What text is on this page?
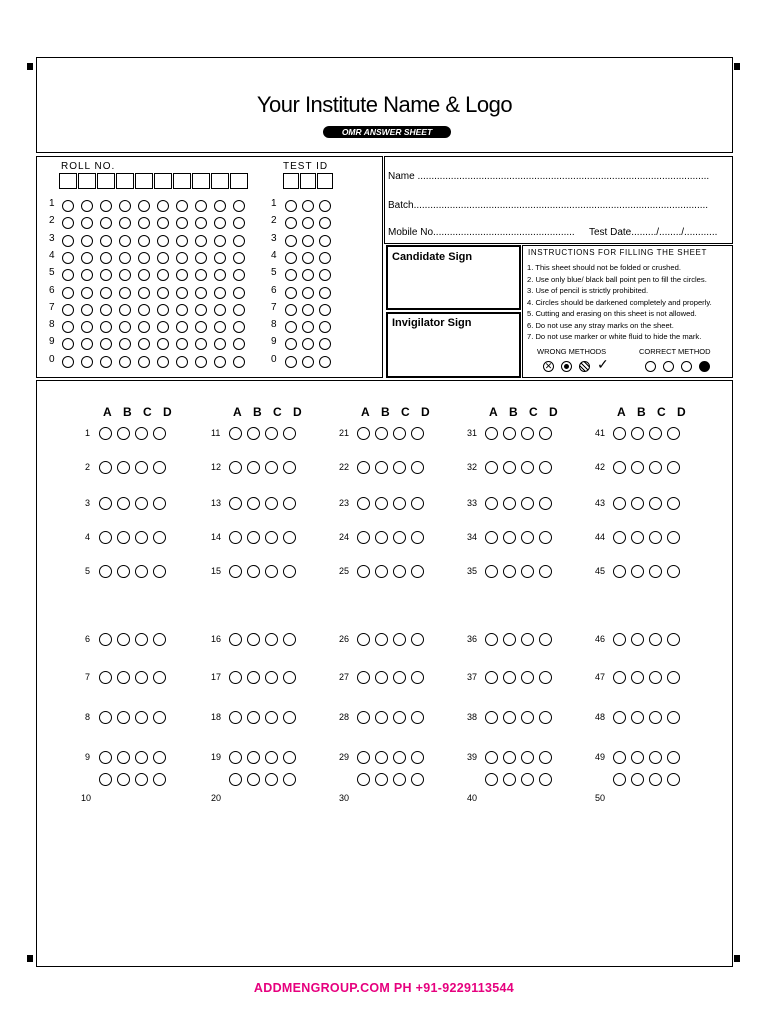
Your Institute Name & Logo
OMR ANSWER SHEET
ROLL NO.	TEST ID
1	1
2	2
3	3
4	4
5	5
6	6
7	7
8	8
9	9
0	0
Name .........................................................................................................
Batch..........................................................................................................
Mobile No................................................... Test Date........./......../............
Candidate Sign
Invigilator Sign
INSTRUCTIONS FOR FILLING THE SHEET
1. This sheet should not be folded or crushed.
2. Use only blue/ black ball point pen to fill the circles.
3. Use of pencil is strictly prohibited.
4. Circles should be darkened completely and properly.
5. Cutting and erasing on this sheet is not allowed.
6. Do not use any stray marks on the sheet.
7. Do not use marker or white fluid to hide the mark.
WRONG METHODS	CORRECT METHOD
✕	✓
A B C D
1
2
3
4
5
6
7
8
9
10
A B C D
11
12
13
14
15
16
17
18
19
20
A B C D
21
22
23
24
25
26
27
28
29
30
A B C D
31
32
33
34
35
36
37
38
39
40
A B C D
41
42
43
44
45
46
47
48
49
50
ADDMENGROUP.COM PH +91-9229113544
